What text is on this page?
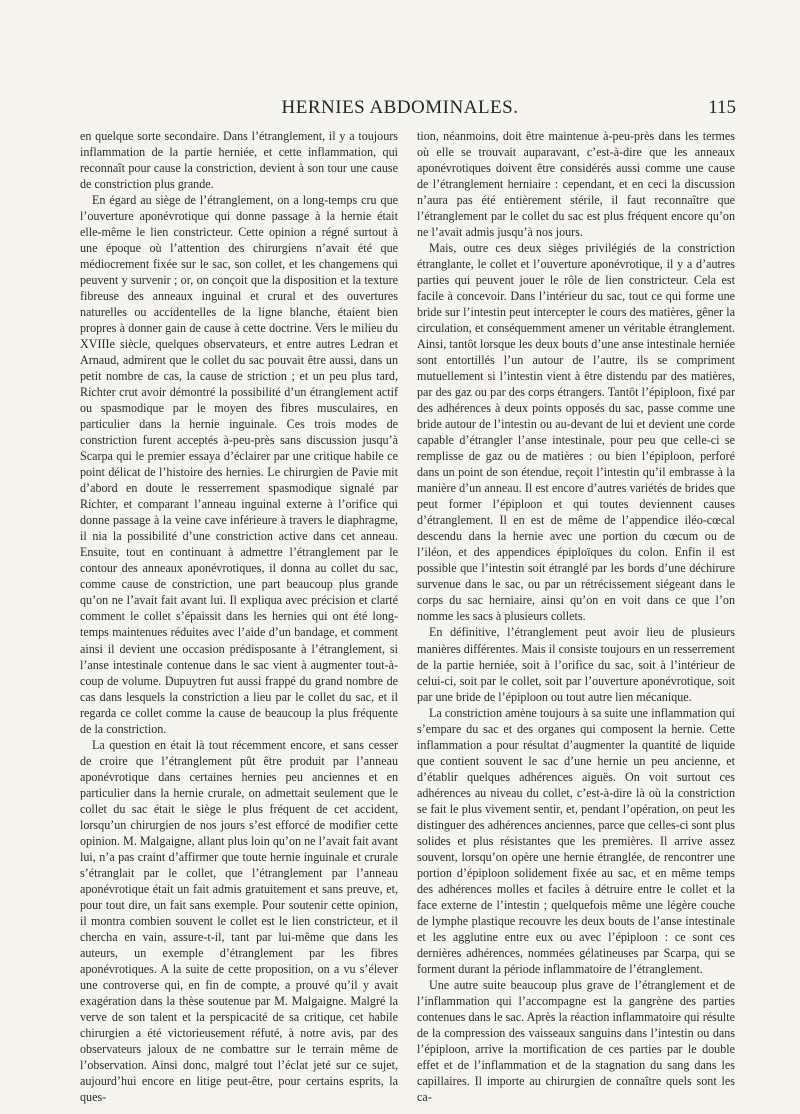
HERNIES ABDOMINALES.	115

en quelque sorte secondaire. Dans l’étranglement, il y a toujours inflammation de la partie herniée, et cette inflammation, qui reconnaît pour cause la constriction, devient à son tour une cause de constriction plus grande.

En égard au siège de l’étranglement, on a long-temps cru que l’ouverture aponévrotique qui donne passage à la hernie était elle-même le lien constricteur. Cette opinion a régné surtout à une époque où l’attention des chirurgiens n’avait été que médiocrement fixée sur le sac, son collet, et les changemens qui peuvent y survenir ; or, on conçoit que la disposition et la texture fibreuse des anneaux inguinal et crural et des ouvertures naturelles ou accidentelles de la ligne blanche, étaient bien propres à donner gain de cause à cette doctrine. Vers le milieu du XVIIIe siècle, quelques observateurs, et entre autres Ledran et Arnaud, admirent que le collet du sac pouvait être aussi, dans un petit nombre de cas, la cause de striction ; et un peu plus tard, Richter crut avoir démontré la possibilité d’un étranglement actif ou spasmodique par le moyen des fibres musculaires, en particulier dans la hernie inguinale. Ces trois modes de constriction furent acceptés à-peu-près sans discussion jusqu’à Scarpa qui le premier essaya d’éclairer par une critique habile ce point délicat de l’histoire des hernies. Le chirurgien de Pavie mit d’abord en doute le resserrement spasmodique signalé par Richter, et comparant l’anneau inguinal externe à l’orifice qui donne passage à la veine cave inférieure à travers le diaphragme, il nia la possibilité d’une constriction active dans cet anneau. Ensuite, tout en continuant à admettre l’étranglement par le contour des anneaux aponévrotiques, il donna au collet du sac, comme cause de constriction, une part beaucoup plus grande qu’on ne l’avait fait avant lui. Il expliqua avec précision et clarté comment le collet s’épaissit dans les hernies qui ont été long-temps maintenues réduites avec l’aide d’un bandage, et comment ainsi il devient une occasion prédisposante à l’étranglement, si l’anse intestinale contenue dans le sac vient à augmenter tout-à-coup de volume. Dupuytren fut aussi frappé du grand nombre de cas dans lesquels la constriction a lieu par le collet du sac, et il regarda ce collet comme la cause de beaucoup la plus fréquente de la constriction.

La question en était là tout récemment encore, et sans cesser de croire que l’étranglement pût être produit par l’anneau aponévrotique dans certaines hernies peu anciennes et en particulier dans la hernie crurale, on admettait seulement que le collet du sac était le siège le plus fréquent de cet accident, lorsqu’un chirurgien de nos jours s’est efforcé de modifier cette opinion. M. Malgaigne, allant plus loin qu’on ne l’avait fait avant lui, n’a pas craint d’affirmer que toute hernie inguinale et crurale s’étranglait par le collet, que l’étranglement par l’anneau aponévrotique était un fait admis gratuitement et sans preuve, et, pour tout dire, un fait sans exemple. Pour soutenir cette opinion, il montra combien souvent le collet est le lien constricteur, et il chercha en vain, assure-t-il, tant par lui-même que dans les auteurs, un exemple d’étranglement par les fibres aponévrotiques. A la suite de cette proposition, on a vu s’élever une controverse qui, en fin de compte, a prouvé qu’il y avait exagération dans la thèse soutenue par M. Malgaigne. Malgré la verve de son talent et la perspicacité de sa critique, cet habile chirurgien a été victorieusement réfuté, à notre avis, par des observateurs jaloux de ne combattre sur le terrain même de l’observation. Ainsi donc, malgré tout l’éclat jeté sur ce sujet, aujourd’hui encore en litige peut-être, pour certains esprits, la ques-

tion, néanmoins, doit être maintenue à-peu-près dans les termes où elle se trouvait auparavant, c’est-à-dire que les anneaux aponévrotiques doivent être considérés aussi comme une cause de l’étranglement herniaire : cependant, et en ceci la discussion n’aura pas été entièrement stérile, il faut reconnaître que l’étranglement par le collet du sac est plus fréquent encore qu’on ne l’avait admis jusqu’à nos jours.

Mais, outre ces deux sièges privilégiés de la constriction étranglante, le collet et l’ouverture aponévrotique, il y a d’autres parties qui peuvent jouer le rôle de lien constricteur. Cela est facile à concevoir. Dans l’intérieur du sac, tout ce qui forme une bride sur l’intestin peut intercepter le cours des matières, gêner la circulation, et conséquemment amener un véritable étranglement. Ainsi, tantôt lorsque les deux bouts d’une anse intestinale herniée sont entortillés l’un autour de l’autre, ils se compriment mutuellement si l’intestin vient à être distendu par des matières, par des gaz ou par des corps étrangers. Tantôt l’épiploon, fixé par des adhérences à deux points opposés du sac, passe comme une bride autour de l’intestin ou au-devant de lui et devient une corde capable d’étrangler l’anse intestinale, pour peu que celle-ci se remplisse de gaz ou de matières : ou bien l’épiploon, perforé dans un point de son étendue, reçoit l’intestin qu’il embrasse à la manière d’un anneau. Il est encore d’autres variétés de brides que peut former l’épiploon et qui toutes deviennent causes d’étranglement. Il en est de même de l’appendice iléo-cœcal descendu dans la hernie avec une portion du cœcum ou de l’iléon, et des appendices épiploïques du colon. Enfin il est possible que l’intestin soit étranglé par les bords d’une déchirure survenue dans le sac, ou par un rétrécissement siégeant dans le corps du sac herniaire, ainsi qu’on en voit dans ce que l’on nomme les sacs à plusieurs collets.

En définitive, l’étranglement peut avoir lieu de plusieurs manières différentes. Mais il consiste toujours en un resserrement de la partie herniée, soit à l’orifice du sac, soit à l’intérieur de celui-ci, soit par le collet, soit par l’ouverture aponévrotique, soit par une bride de l’épiploon ou tout autre lien mécanique.

La constriction amène toujours à sa suite une inflammation qui s’empare du sac et des organes qui composent la hernie. Cette inflammation a pour résultat d’augmenter la quantité de liquide que contient souvent le sac d’une hernie un peu ancienne, et d’établir quelques adhérences aiguës. On voit surtout ces adhérences au niveau du collet, c’est-à-dire là où la constriction se fait le plus vivement sentir, et, pendant l’opération, on peut les distinguer des adhérences anciennes, parce que celles-ci sont plus solides et plus résistantes que les premières. Il arrive assez souvent, lorsqu’on opère une hernie étranglée, de rencontrer une portion d’épiploon solidement fixée au sac, et en même temps des adhérences molles et faciles à détruire entre le collet et la face externe de l’intestin ; quelquefois même une légère couche de lymphe plastique recouvre les deux bouts de l’anse intestinale et les agglutine entre eux ou avec l’épiploon : ce sont ces dernières adhérences, nommées gélatineuses par Scarpa, qui se forment durant la période inflammatoire de l’étranglement.

Une autre suite beaucoup plus grave de l’étranglement et de l’inflammation qui l’accompagne est la gangrène des parties contenues dans le sac. Après la réaction inflammatoire qui résulte de la compression des vaisseaux sanguins dans l’intestin ou dans l’épiploon, arrive la mortification de ces parties par le double effet et de l’inflammation et de la stagnation du sang dans les capillaires. Il importe au chirurgien de connaître quels sont les ca-
